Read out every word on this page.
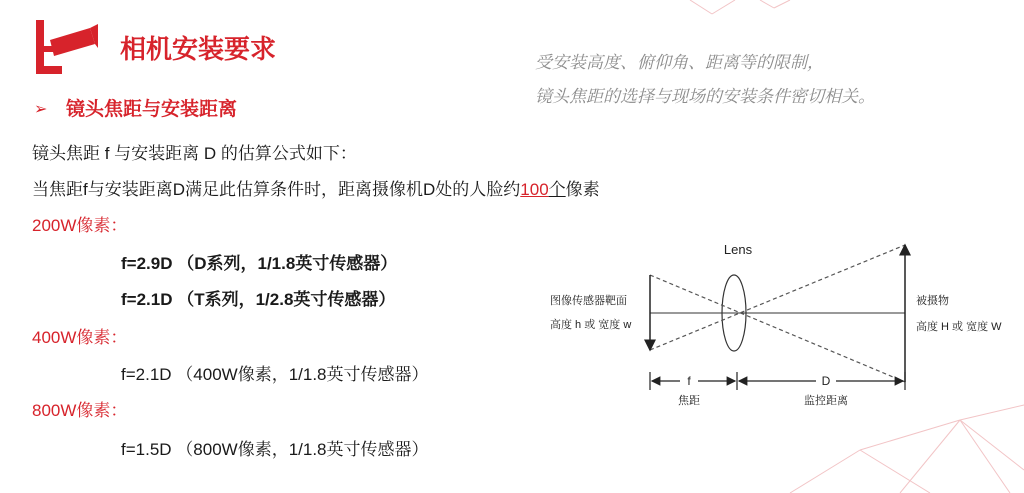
相机安装要求	受安装高度、俯仰角、距离等的限制，
镜头焦距的选择与现场的安装条件密切相关。
➢ 镜头焦距与安装距离
镜头焦距 f 与安装距离 D 的估算公式如下：
当焦距f与安装距离D满足此估算条件时，距离摄像机D处的人脸约100个像素
200W像素：
f=2.9D （D系列，1/1.8英寸传感器）
f=2.1D （T系列，1/2.8英寸传感器）
400W像素：
f=2.1D （400W像素，1/1.8英寸传感器）
800W像素：
f=1.5D （800W像素，1/1.8英寸传感器）
Lens
图像传感器靶面
高度 h 或 宽度 w
被摄物
高度 H 或 宽度 W
f	D
焦距	监控距离
